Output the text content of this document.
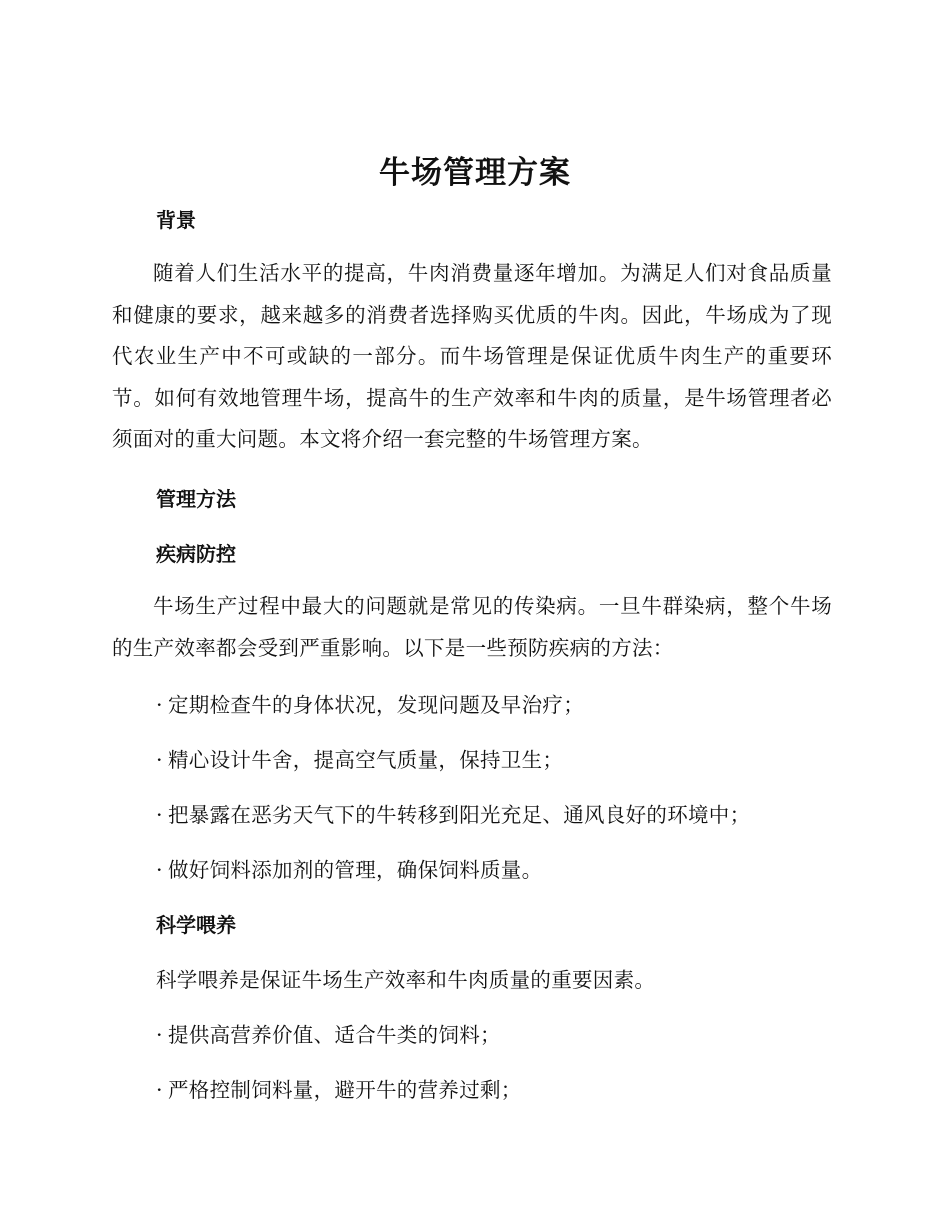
牛场管理方案
背景

随着人们生活水平的提高，牛肉消费量逐年增加。为满足人们对食品质量和健康的要求，越来越多的消费者选择购买优质的牛肉。因此，牛场成为了现代农业生产中不可或缺的一部分。而牛场管理是保证优质牛肉生产的重要环节。如何有效地管理牛场，提高牛的生产效率和牛肉的质量，是牛场管理者必须面对的重大问题。本文将介绍一套完整的牛场管理方案。

管理方法
疾病防控

牛场生产过程中最大的问题就是常见的传染病。一旦牛群染病，整个牛场的生产效率都会受到严重影响。以下是一些预防疾病的方法：

· 定期检查牛的身体状况，发现问题及早治疗；

· 精心设计牛舍，提高空气质量，保持卫生；

· 把暴露在恶劣天气下的牛转移到阳光充足、通风良好的环境中；

· 做好饲料添加剂的管理，确保饲料质量。

科学喂养

科学喂养是保证牛场生产效率和牛肉质量的重要因素。

· 提供高营养价值、适合牛类的饲料；

· 严格控制饲料量，避开牛的营养过剩；
